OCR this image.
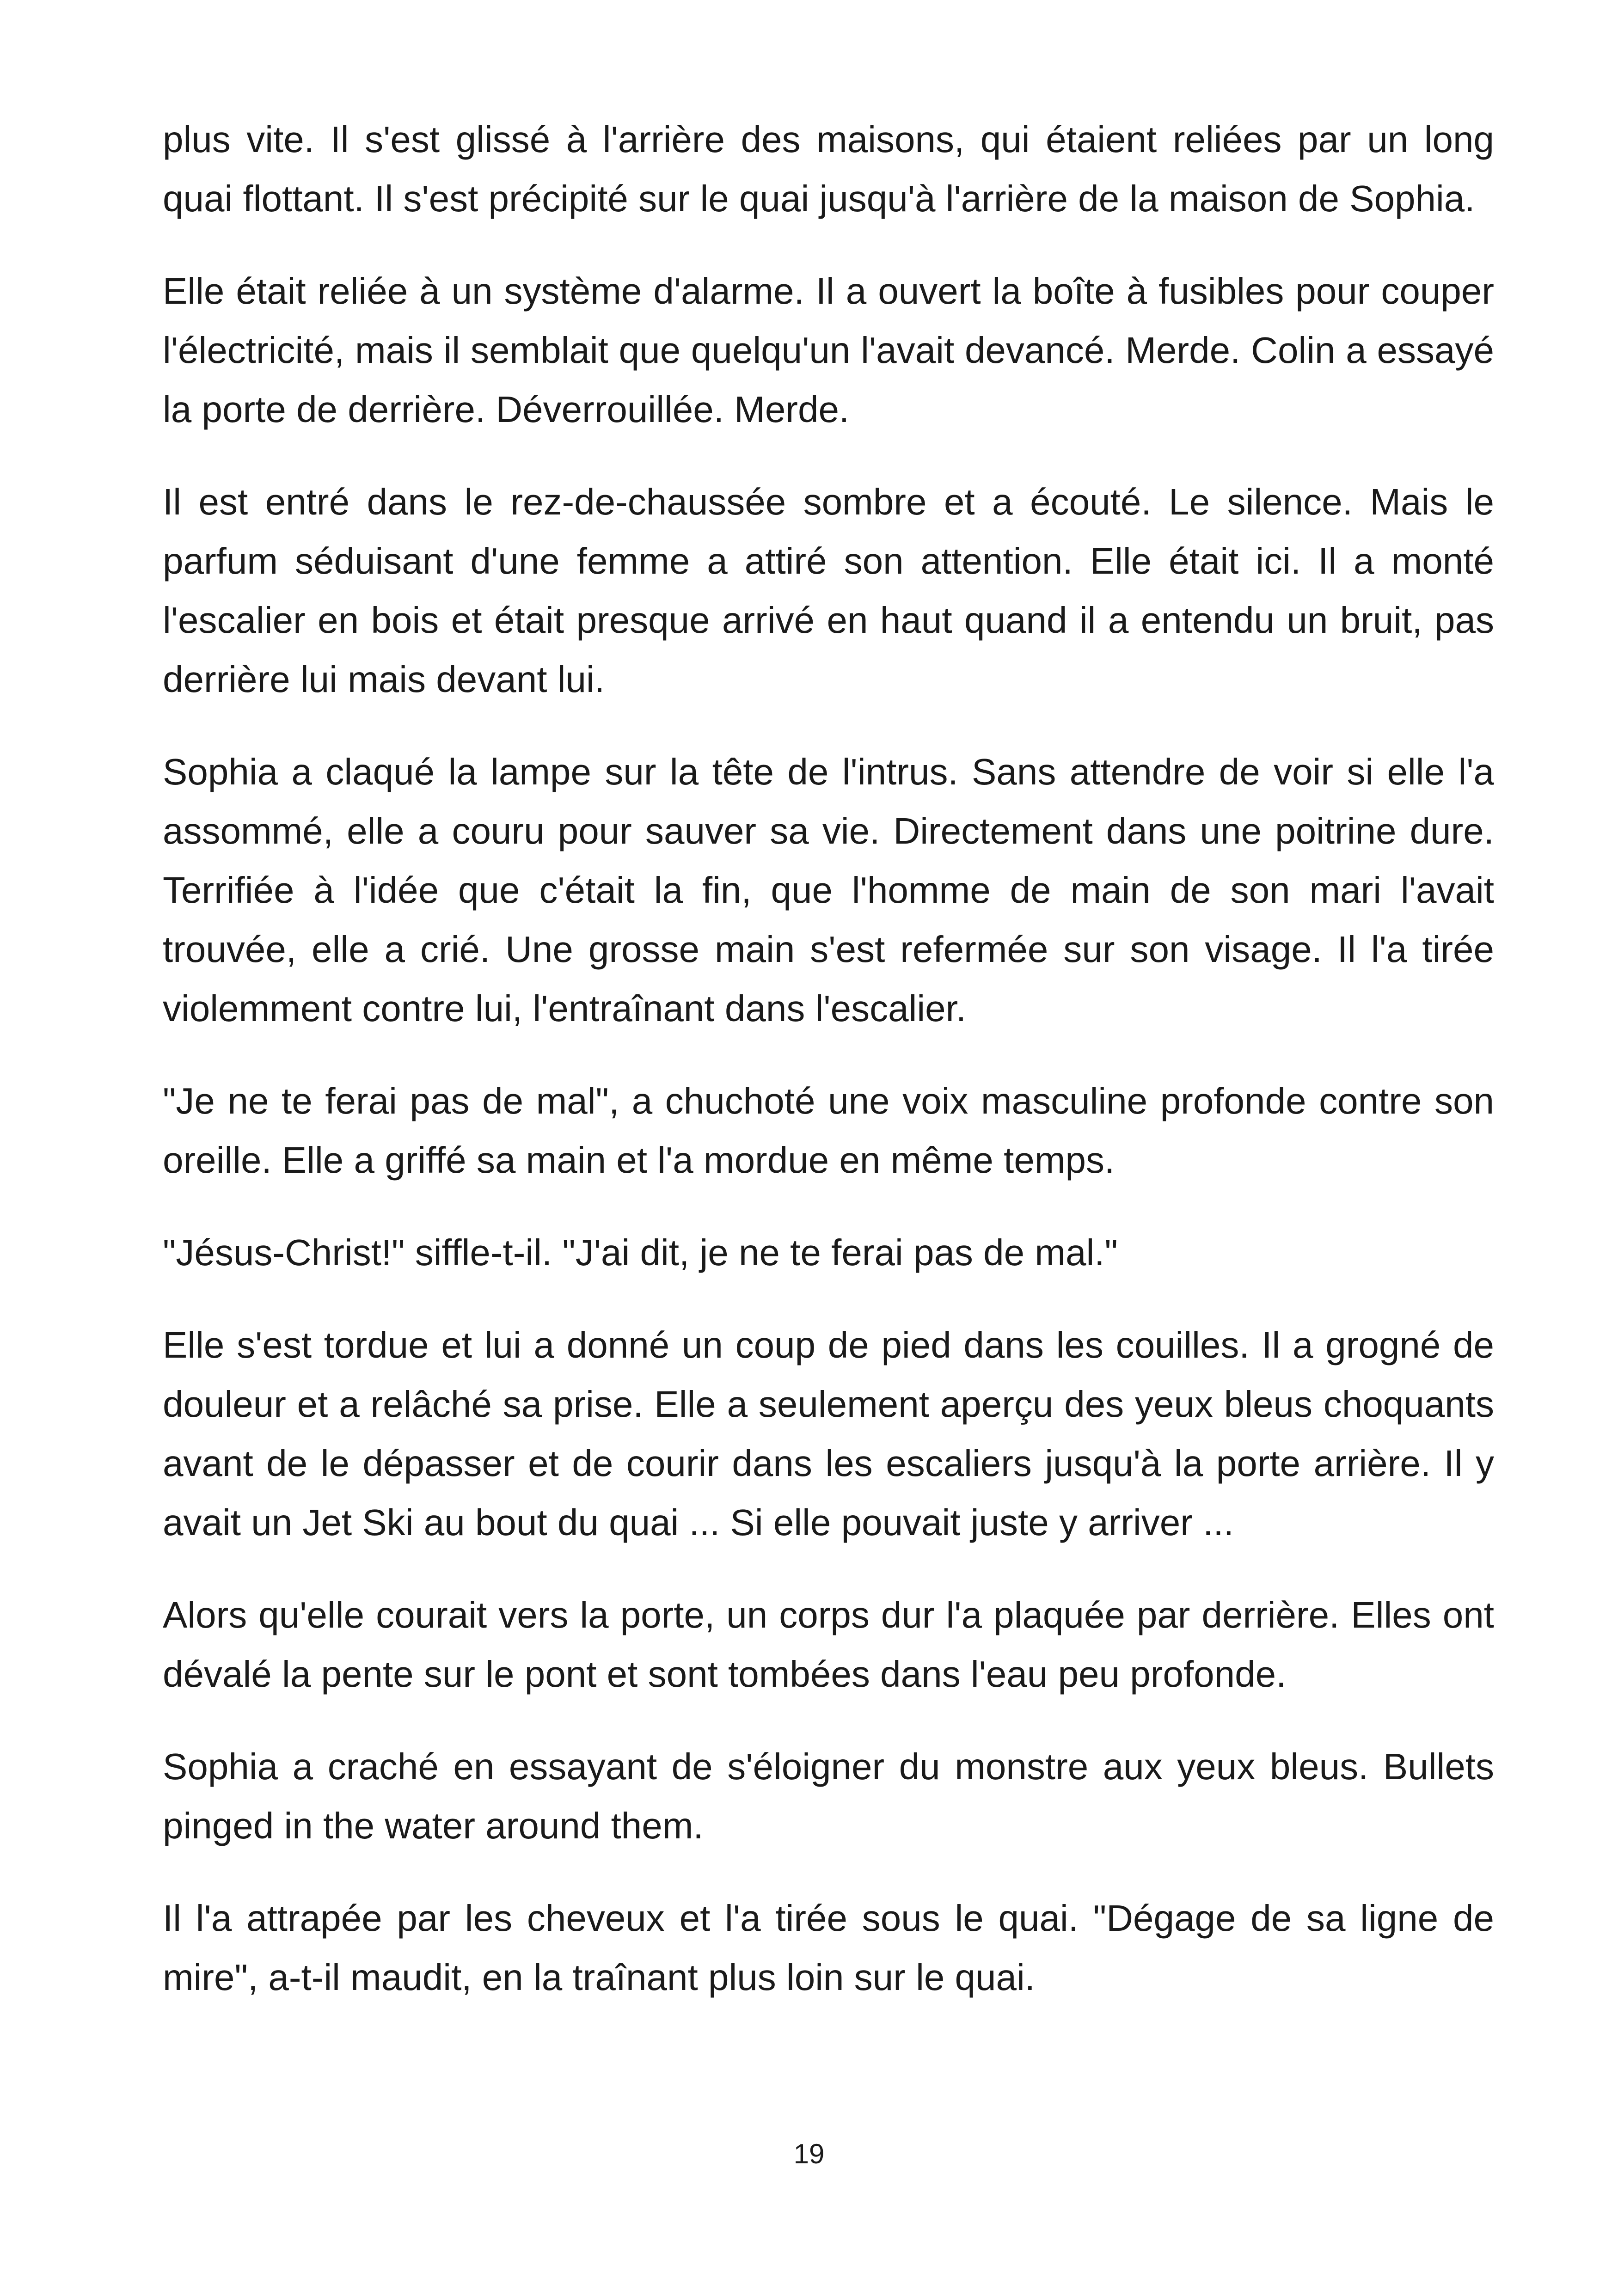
plus vite. Il s'est glissé à l'arrière des maisons, qui étaient reliées par un long quai flottant. Il s'est précipité sur le quai jusqu'à l'arrière de la maison de Sophia.

Elle était reliée à un système d'alarme. Il a ouvert la boîte à fusibles pour couper l'électricité, mais il semblait que quelqu'un l'avait devancé. Merde. Colin a essayé la porte de derrière. Déverrouillée. Merde.

Il est entré dans le rez-de-chaussée sombre et a écouté. Le silence. Mais le parfum séduisant d'une femme a attiré son attention. Elle était ici. Il a monté l'escalier en bois et était presque arrivé en haut quand il a entendu un bruit, pas derrière lui mais devant lui.

Sophia a claqué la lampe sur la tête de l'intrus. Sans attendre de voir si elle l'a assommé, elle a couru pour sauver sa vie. Directement dans une poitrine dure. Terrifiée à l'idée que c'était la fin, que l'homme de main de son mari l'avait trouvée, elle a crié. Une grosse main s'est refermée sur son visage. Il l'a tirée violemment contre lui, l'entraînant dans l'escalier.

"Je ne te ferai pas de mal", a chuchoté une voix masculine profonde contre son oreille. Elle a griffé sa main et l'a mordue en même temps.

"Jésus-Christ!" siffle-t-il. "J'ai dit, je ne te ferai pas de mal."

Elle s'est tordue et lui a donné un coup de pied dans les couilles. Il a grogné de douleur et a relâché sa prise. Elle a seulement aperçu des yeux bleus choquants avant de le dépasser et de courir dans les escaliers jusqu'à la porte arrière. Il y avait un Jet Ski au bout du quai ... Si elle pouvait juste y arriver ...

Alors qu'elle courait vers la porte, un corps dur l'a plaquée par derrière. Elles ont dévalé la pente sur le pont et sont tombées dans l'eau peu profonde.

Sophia a craché en essayant de s'éloigner du monstre aux yeux bleus. Bullets pinged in the water around them.

Il l'a attrapée par les cheveux et l'a tirée sous le quai. "Dégage de sa ligne de mire", a-t-il maudit, en la traînant plus loin sur le quai.

19
